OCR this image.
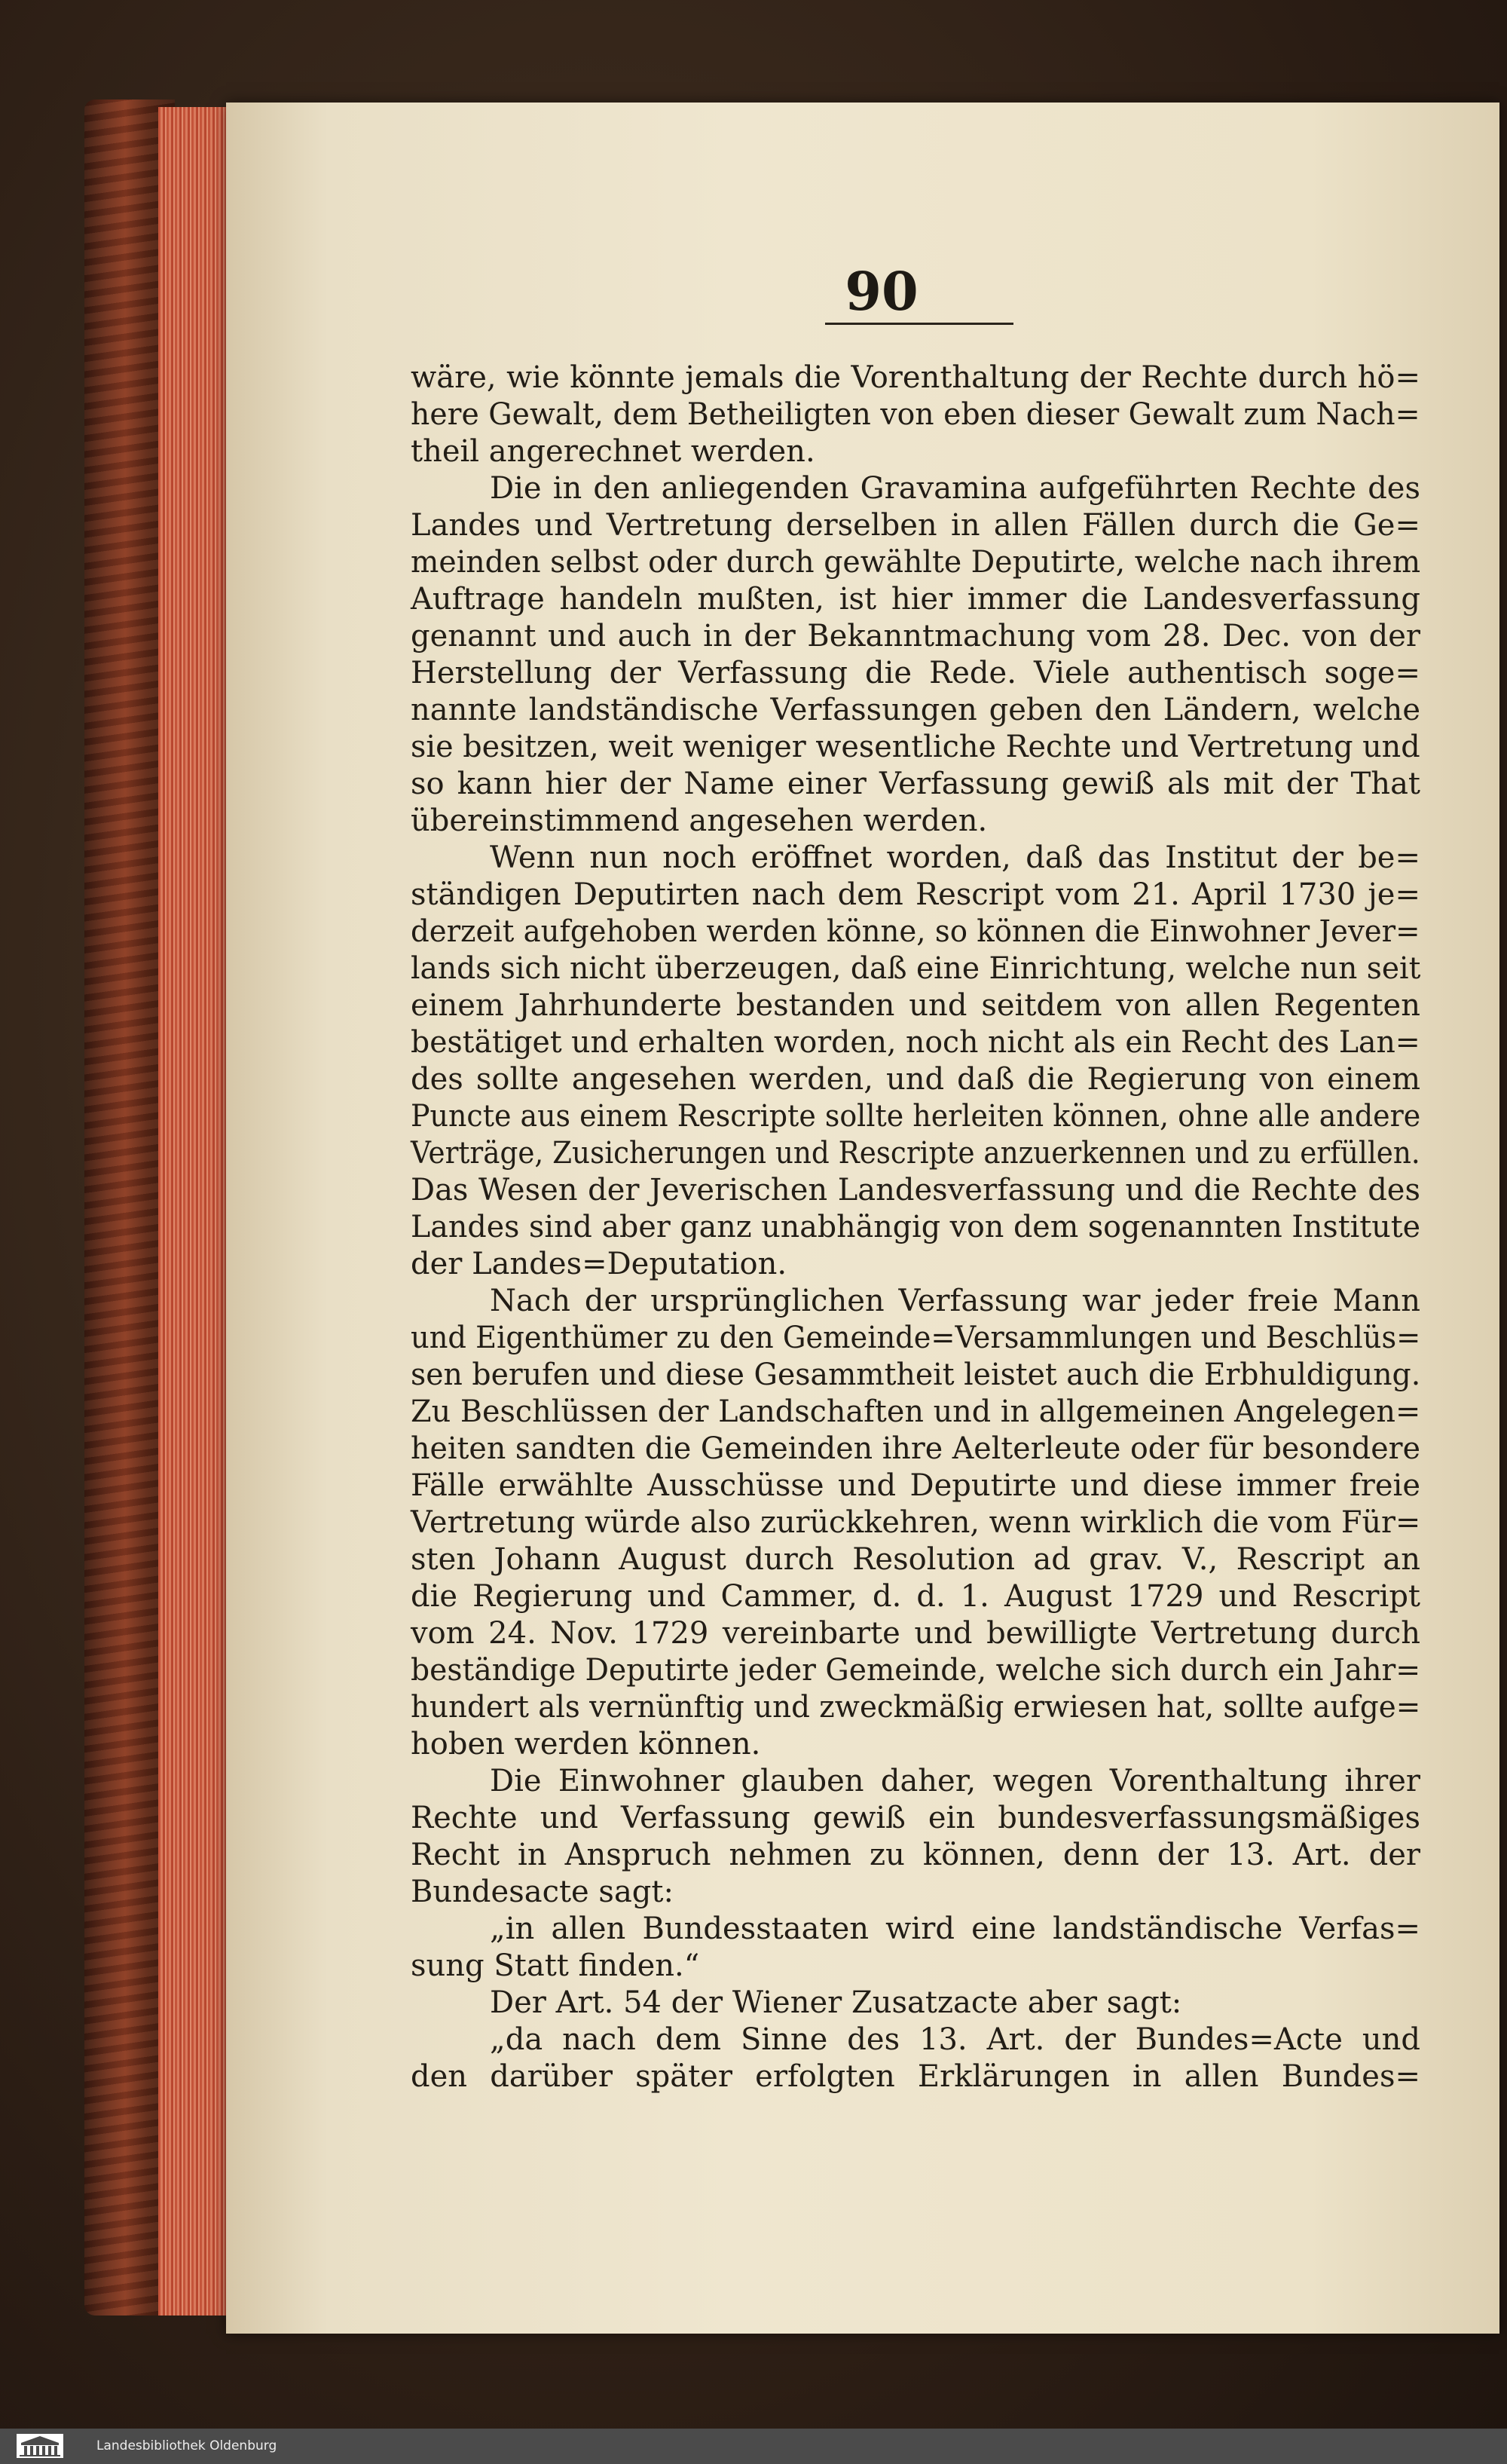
90
wäre, wie könnte jemals die Vorenthaltung der Rechte durch hö=
here Gewalt, dem Betheiligten von eben dieser Gewalt zum Nach=
theil angerechnet werden.
Die in den anliegenden Gravamina aufgeführten Rechte des
Landes und Vertretung derselben in allen Fällen durch die Ge=
meinden selbst oder durch gewählte Deputirte, welche nach ihrem
Auftrage handeln mußten, ist hier immer die Landesverfassung
genannt und auch in der Bekanntmachung vom 28. Dec. von der
Herstellung der Verfassung die Rede. Viele authentisch soge=
nannte landständische Verfassungen geben den Ländern, welche
sie besitzen, weit weniger wesentliche Rechte und Vertretung und
so kann hier der Name einer Verfassung gewiß als mit der That
übereinstimmend angesehen werden.
Wenn nun noch eröffnet worden, daß das Institut der be=
ständigen Deputirten nach dem Rescript vom 21. April 1730 je=
derzeit aufgehoben werden könne, so können die Einwohner Jever=
lands sich nicht überzeugen, daß eine Einrichtung, welche nun seit
einem Jahrhunderte bestanden und seitdem von allen Regenten
bestätiget und erhalten worden, noch nicht als ein Recht des Lan=
des sollte angesehen werden, und daß die Regierung von einem
Puncte aus einem Rescripte sollte herleiten können, ohne alle andere
Verträge, Zusicherungen und Rescripte anzuerkennen und zu erfüllen.
Das Wesen der Jeverischen Landesverfassung und die Rechte des
Landes sind aber ganz unabhängig von dem sogenannten Institute
der Landes=Deputation.
Nach der ursprünglichen Verfassung war jeder freie Mann
und Eigenthümer zu den Gemeinde=Versammlungen und Beschlüs=
sen berufen und diese Gesammtheit leistet auch die Erbhuldigung.
Zu Beschlüssen der Landschaften und in allgemeinen Angelegen=
heiten sandten die Gemeinden ihre Aelterleute oder für besondere
Fälle erwählte Ausschüsse und Deputirte und diese immer freie
Vertretung würde also zurückkehren, wenn wirklich die vom Für=
sten Johann August durch Resolution ad grav. V., Rescript an
die Regierung und Cammer, d. d. 1. August 1729 und Rescript
vom 24. Nov. 1729 vereinbarte und bewilligte Vertretung durch
beständige Deputirte jeder Gemeinde, welche sich durch ein Jahr=
hundert als vernünftig und zweckmäßig erwiesen hat, sollte aufge=
hoben werden können.
Die Einwohner glauben daher, wegen Vorenthaltung ihrer
Rechte und Verfassung gewiß ein bundesverfassungsmäßiges
Recht in Anspruch nehmen zu können, denn der 13. Art. der
Bundesacte sagt:
„in allen Bundesstaaten wird eine landständische Verfas=
sung Statt finden.“
Der Art. 54 der Wiener Zusatzacte aber sagt:
„da nach dem Sinne des 13. Art. der Bundes=Acte und
den darüber später erfolgten Erklärungen in allen Bundes=
Landesbibliothek Oldenburg
